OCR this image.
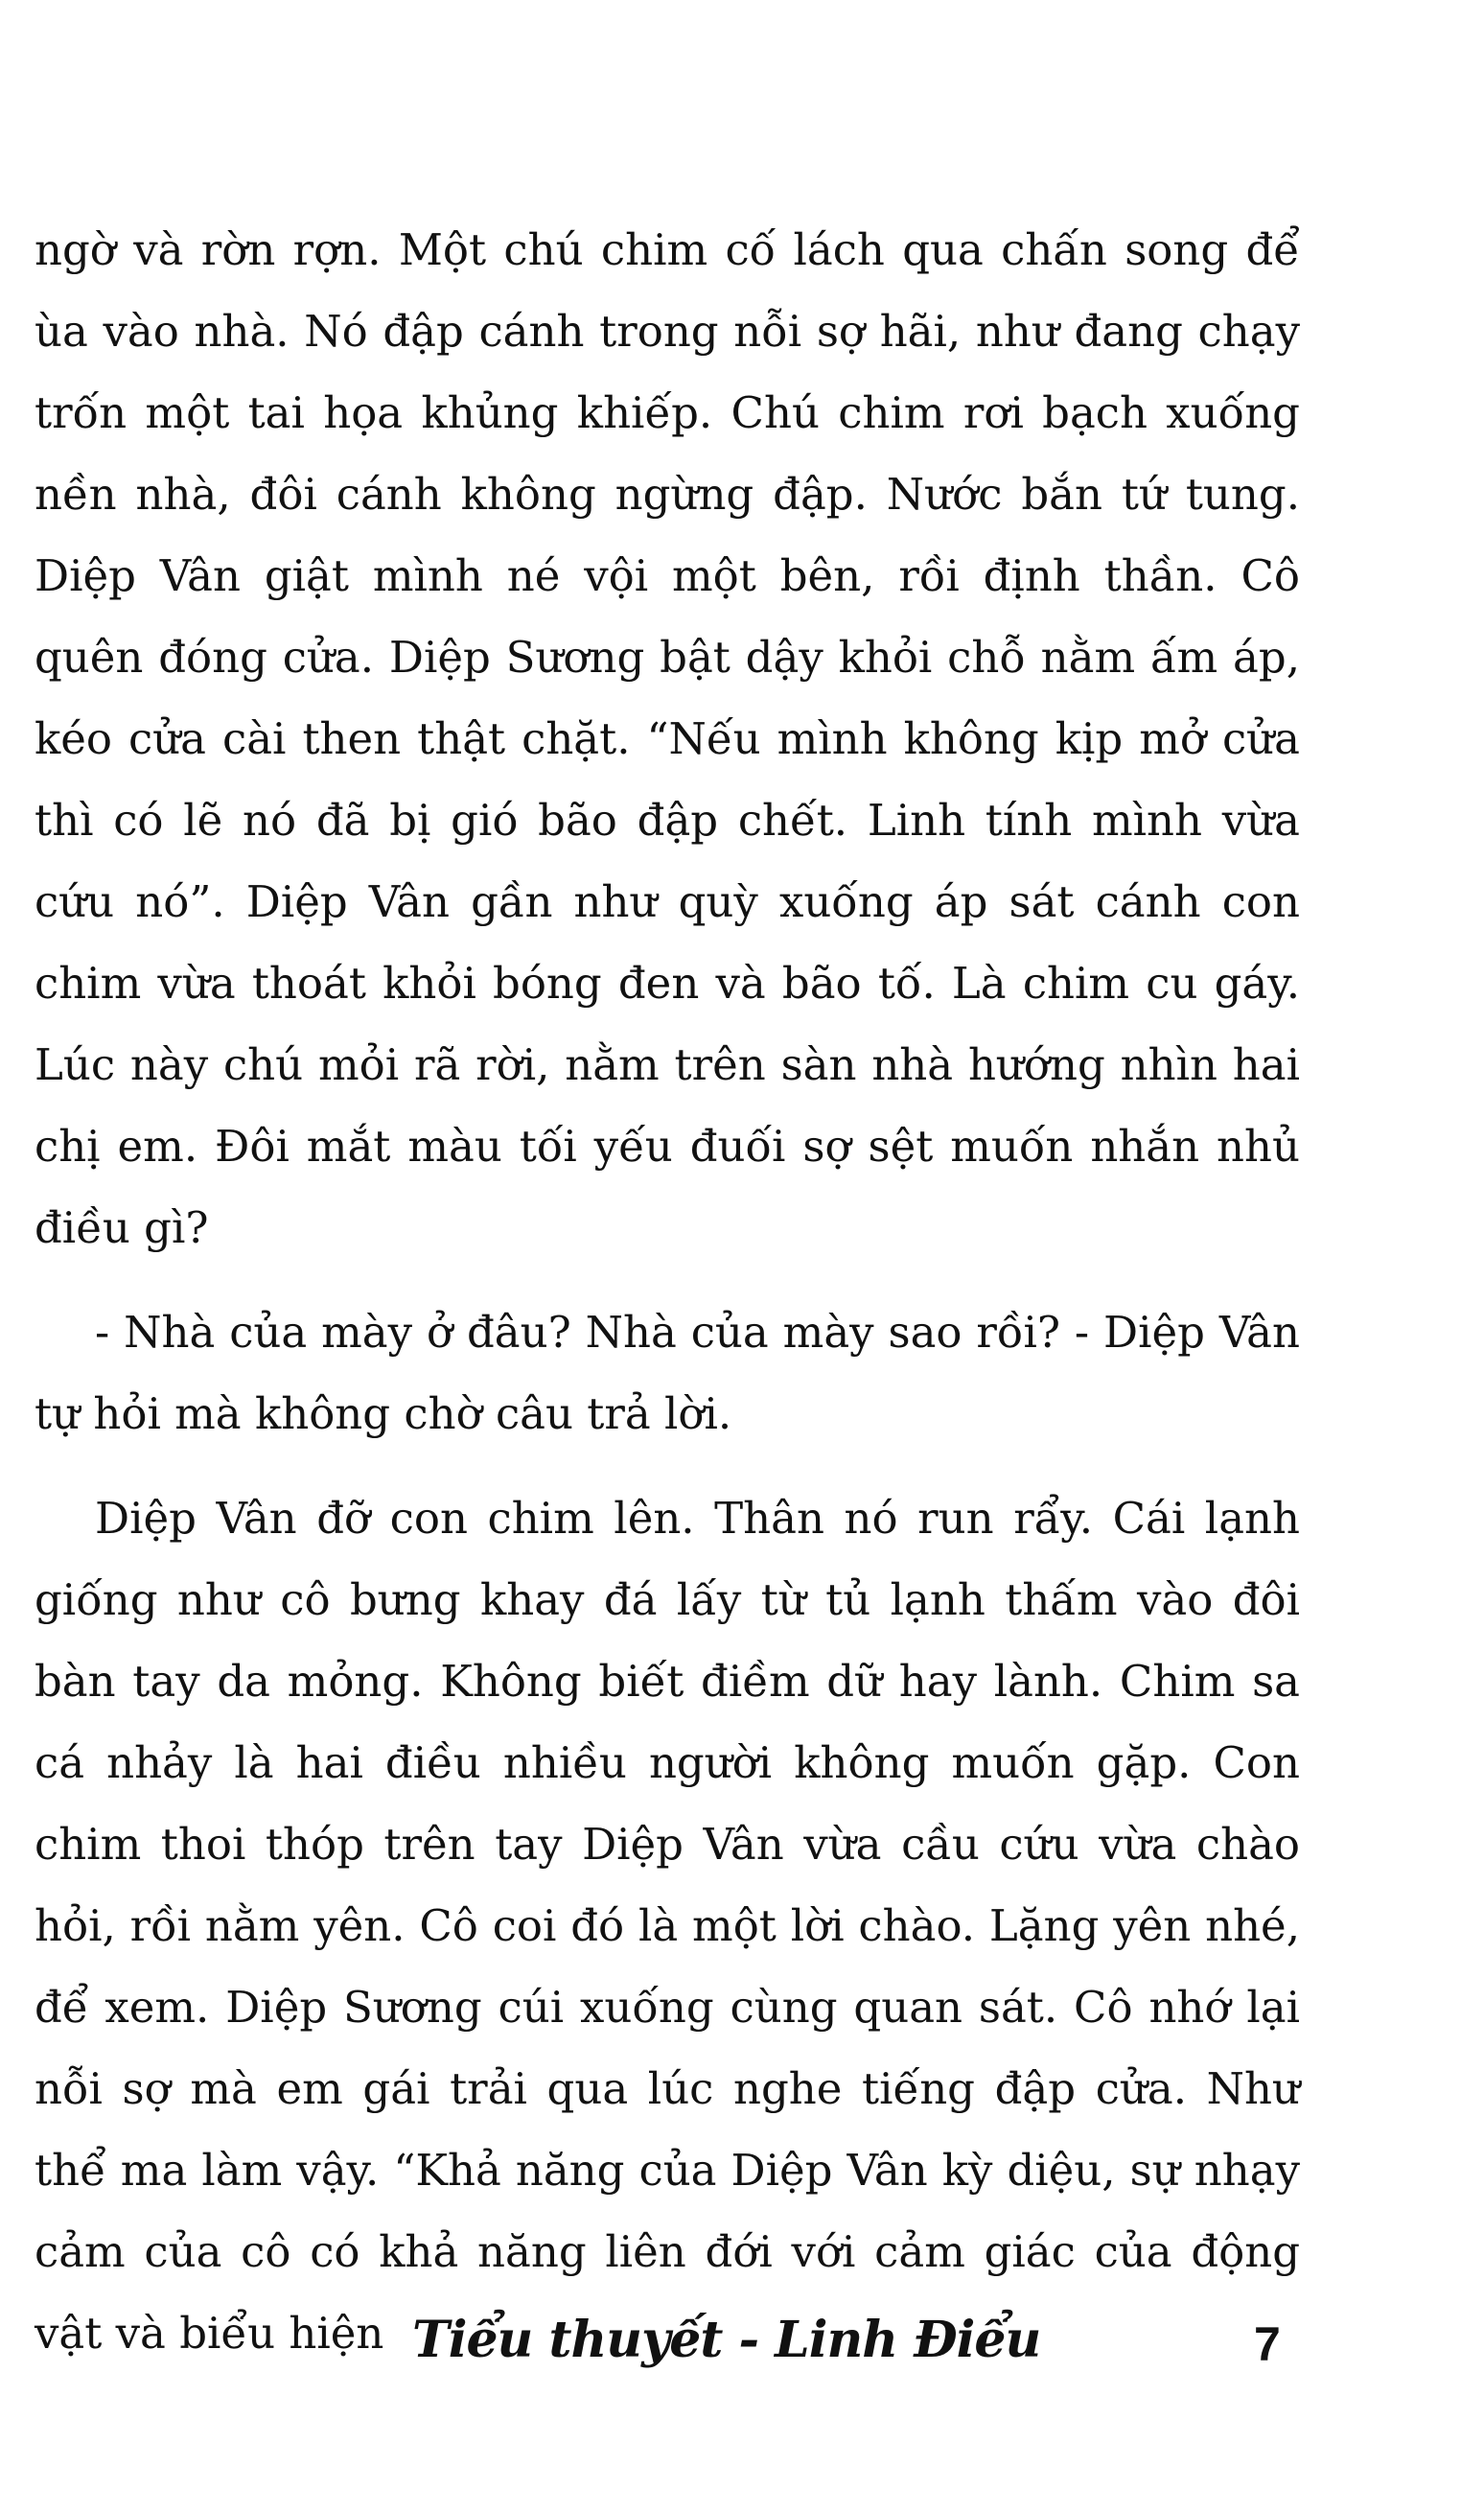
ngờ và rờn rợn. Một chú chim cố lách qua chấn song để ùa vào nhà. Nó đập cánh trong nỗi sợ hãi, như đang chạy trốn một tai họa khủng khiếp. Chú chim rơi bạch xuống nền nhà, đôi cánh không ngừng đập. Nước bắn tứ tung. Diệp Vân giật mình né vội một bên, rồi định thần. Cô quên đóng cửa. Diệp Sương bật dậy khỏi chỗ nằm ấm áp, kéo cửa cài then thật chặt. “Nếu mình không kịp mở cửa thì có lẽ nó đã bị gió bão đập chết. Linh tính mình vừa cứu nó”. Diệp Vân gần như quỳ xuống áp sát cánh con chim vừa thoát khỏi bóng đen và bão tố. Là chim cu gáy. Lúc này chú mỏi rã rời, nằm trên sàn nhà hướng nhìn hai chị em. Đôi mắt màu tối yếu đuối sợ sệt muốn nhắn nhủ điều gì?

- Nhà của mày ở đâu? Nhà của mày sao rồi? - Diệp Vân tự hỏi mà không chờ câu trả lời.

Diệp Vân đỡ con chim lên. Thân nó run rẩy. Cái lạnh giống như cô bưng khay đá lấy từ tủ lạnh thấm vào đôi bàn tay da mỏng. Không biết điềm dữ hay lành. Chim sa cá nhảy là hai điều nhiều người không muốn gặp. Con chim thoi thóp trên tay Diệp Vân vừa cầu cứu vừa chào hỏi, rồi nằm yên. Cô coi đó là một lời chào. Lặng yên nhé, để xem. Diệp Sương cúi xuống cùng quan sát. Cô nhớ lại nỗi sợ mà em gái trải qua lúc nghe tiếng đập cửa. Như thể ma làm vậy. “Khả năng của Diệp Vân kỳ diệu, sự nhạy cảm của cô có khả năng liên đới với cảm giác của động vật và biểu hiện Tiểu thuyết - Linh Điểu	7
